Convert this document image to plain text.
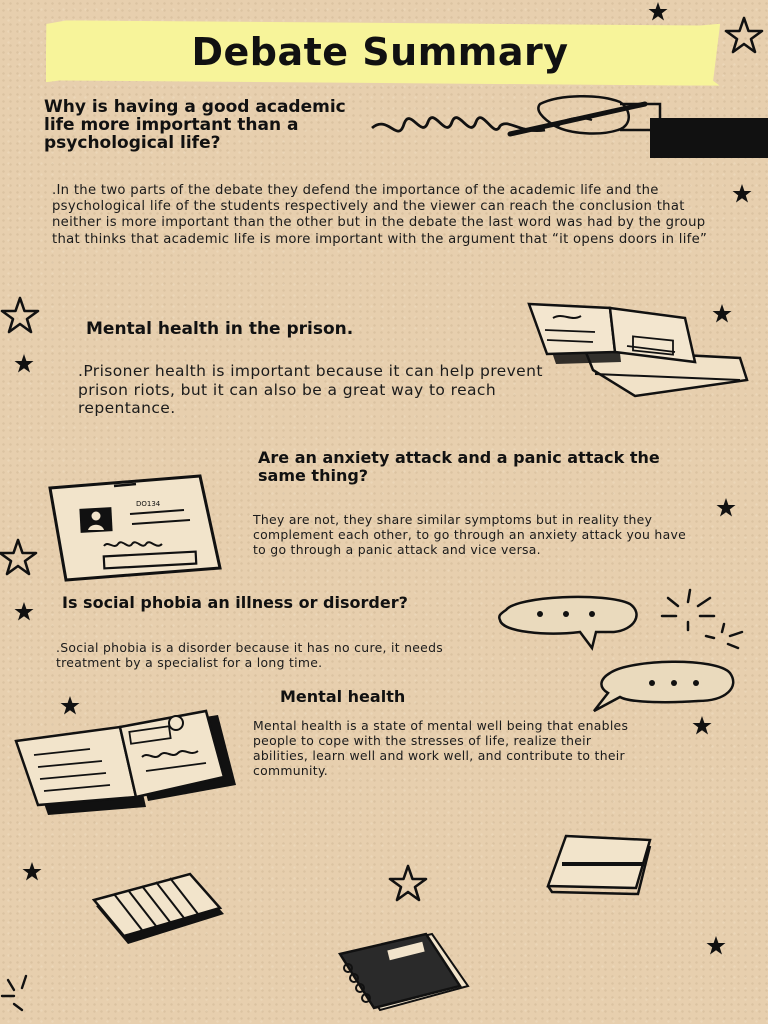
Debate Summary
Why is having a good academic life more important than a psychological life?
.In the two parts of the debate they defend the importance of the academic life and the psychological life of the students respectively and the viewer can reach the conclusion that neither is more important than the other but in the debate the last word was had by the group that thinks that academic life is more important with the argument that “it opens doors in life”
Mental health in the prison.
.Prisoner health is important because it can help prevent prison riots, but it can also be a great way to reach repentance.
Are an anxiety attack and a panic attack the same thing?
They are not, they share similar symptoms but in reality they complement each other, to go through an anxiety attack you have to go through a panic attack and vice versa.
Is social phobia an illness or disorder?
.Social phobia is a disorder because it has no cure, it needs treatment by a specialist for a long time.
Mental health
Mental health is a state of mental well being that enables people to cope with the stresses of life, realize their abilities, learn well and work well, and contribute to their community.
DO134
